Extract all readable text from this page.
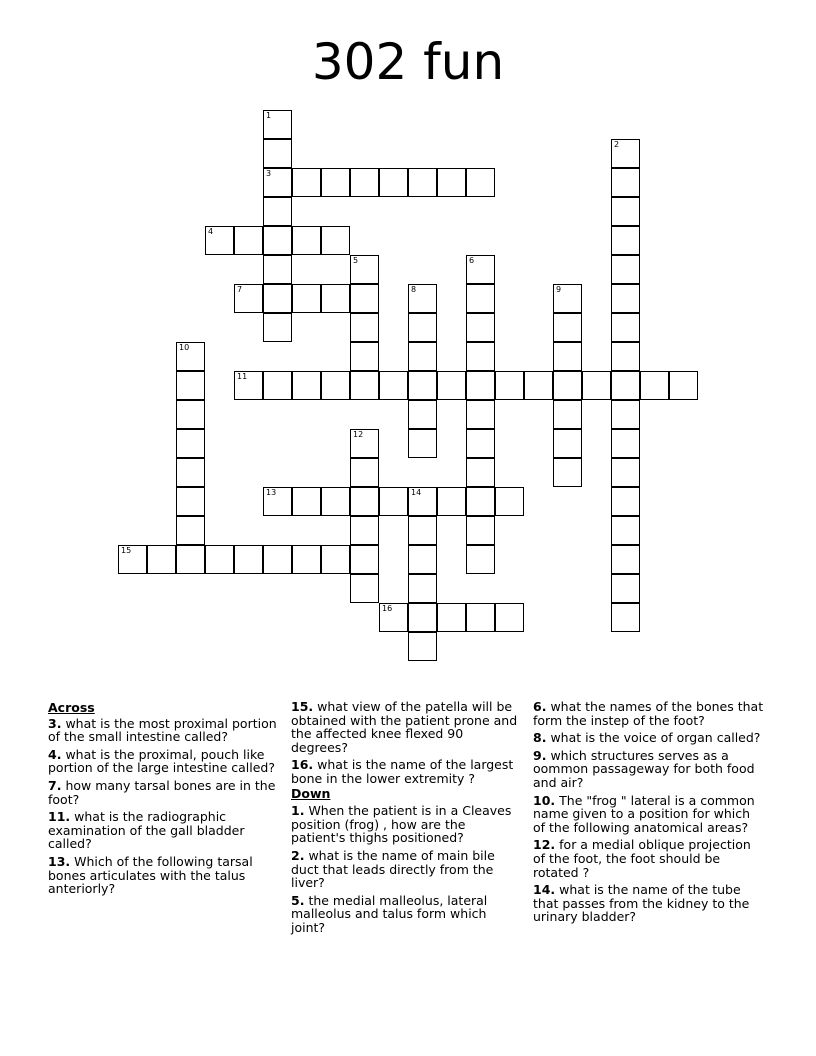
302 fun
1
3
4
7
5
8
6
9
2
10
11
12
13	14
15
16
Across
3. what is the most proximal portion of the small intestine called?
4. what is the proximal, pouch like portion of the large intestine called?
7. how many tarsal bones are in the foot?
11. what is the radiographic examination of the gall bladder called?
13. Which of the following tarsal bones articulates with the talus anteriorly?
15. what view of the patella will be obtained with the patient prone and the affected knee flexed 90 degrees?
16. what is the name of the largest bone in the lower extremity ?
Down
1. When the patient is in a Cleaves position (frog) , how are the patient's thighs positioned?
2. what is the name of main bile duct that leads directly from the liver?
5. the medial malleolus, lateral malleolus and talus form which joint?
6. what the names of the bones that form the instep of the foot?
8. what is the voice of organ called?
9. which structures serves as a oommon passageway for both food and air?
10. The "frog " lateral is a common name given to a position for which of the following anatomical areas?
12. for a medial oblique projection of the foot, the foot should be rotated ?
14. what is the name of the tube that passes from the kidney to the urinary bladder?
